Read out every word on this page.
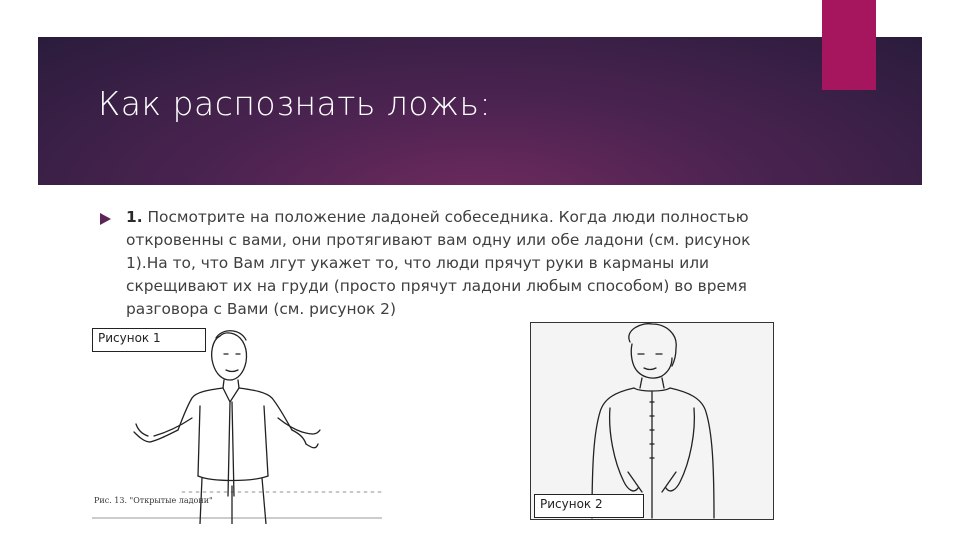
Как распознать ложь:
1. Посмотрите на положение ладоней собеседника. Когда люди полностью откровенны с вами, они протягивают вам одну или обе ладони (см. рисунок 1).На то, что Вам лгут укажет то, что люди прячут руки в карманы или скрещивают их на груди (просто прячут ладони любым способом) во время разговора с Вами (см. рисунок 2)
Рисунок 1
Рис. 13. "Открытые ладони"	Рисунок 2
